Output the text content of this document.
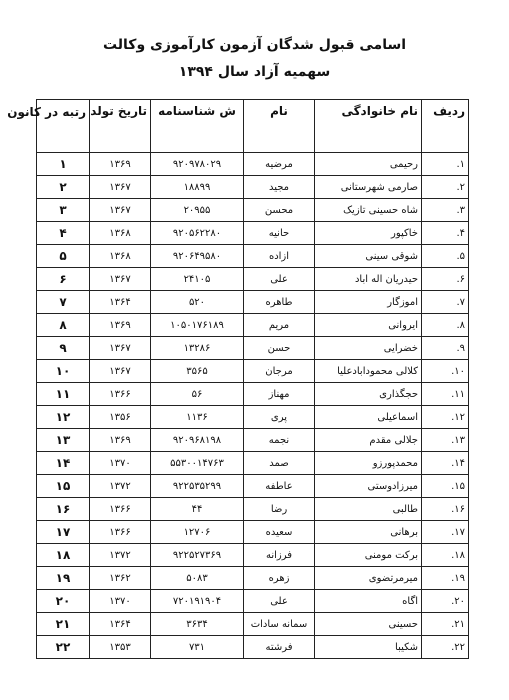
اسامی قبول شدگان آزمون کارآموزی وکالت
سهمیه آزاد سال ۱۳۹۴
ردیف	نام خانوادگی	نام	ش شناسنامه	تاریخ تولد	رتبه در کانون
۱.	رحیمی	مرضیه	۹۲۰۹۷۸۰۲۹	۱۳۶۹	۱
۲.	صارمی شهرستانی	مجید	۱۸۸۹۹	۱۳۶۷	۲
۳.	شاه حسینی تازیک	محسن	۲۰۹۵۵	۱۳۶۷	۳
۴.	خاکپور	حانیه	۹۲۰۵۶۲۲۸۰	۱۳۶۸	۴
۵.	شوقی سینی	ازاده	۹۲۰۶۴۹۵۸۰	۱۳۶۸	۵
۶.	حیدریان اله اباد	علی	۲۴۱۰۵	۱۳۶۷	۶
۷.	اموزگار	طاهره	۵۲۰	۱۳۶۴	۷
۸.	ایروانی	مریم	۱۰۵۰۱۷۶۱۸۹	۱۳۶۹	۸
۹.	خضرایی	حسن	۱۳۲۸۶	۱۳۶۷	۹
۱۰.	کلالی محموداباد‌علیا	مرجان	۳۵۶۵	۱۳۶۷	۱۰
۱۱.	حجگذاری	مهناز	۵۶	۱۳۶۶	۱۱
۱۲.	اسماعیلی	پری	۱۱۳۶	۱۳۵۶	۱۲
۱۳.	جلالی مقدم	نجمه	۹۲۰۹۶۸۱۹۸	۱۳۶۹	۱۳
۱۴.	محمدپورزو	صمد	۵۵۳۰۰۱۴۷۶۳	۱۳۷۰	۱۴
۱۵.	میرزادوستی	عاطفه	۹۲۲۵۳۵۲۹۹	۱۳۷۲	۱۵
۱۶.	طالبی	رضا	۴۴	۱۳۶۶	۱۶
۱۷.	برهانی	سعیده	۱۲۷۰۶	۱۳۶۶	۱۷
۱۸.	برکت مومنی	فرزانه	۹۲۲۵۲۷۳۶۹	۱۳۷۲	۱۸
۱۹.	میرمرتضوی	زهره	۵۰۸۳	۱۳۶۲	۱۹
۲۰.	اگاه	علی	۷۲۰۱۹۱۹۰۴	۱۳۷۰	۲۰
۲۱.	حسینی	سمانه سادات	۳۶۳۴	۱۳۶۴	۲۱
۲۲.	شکیبا	فرشته	۷۳۱	۱۳۵۳	۲۲
